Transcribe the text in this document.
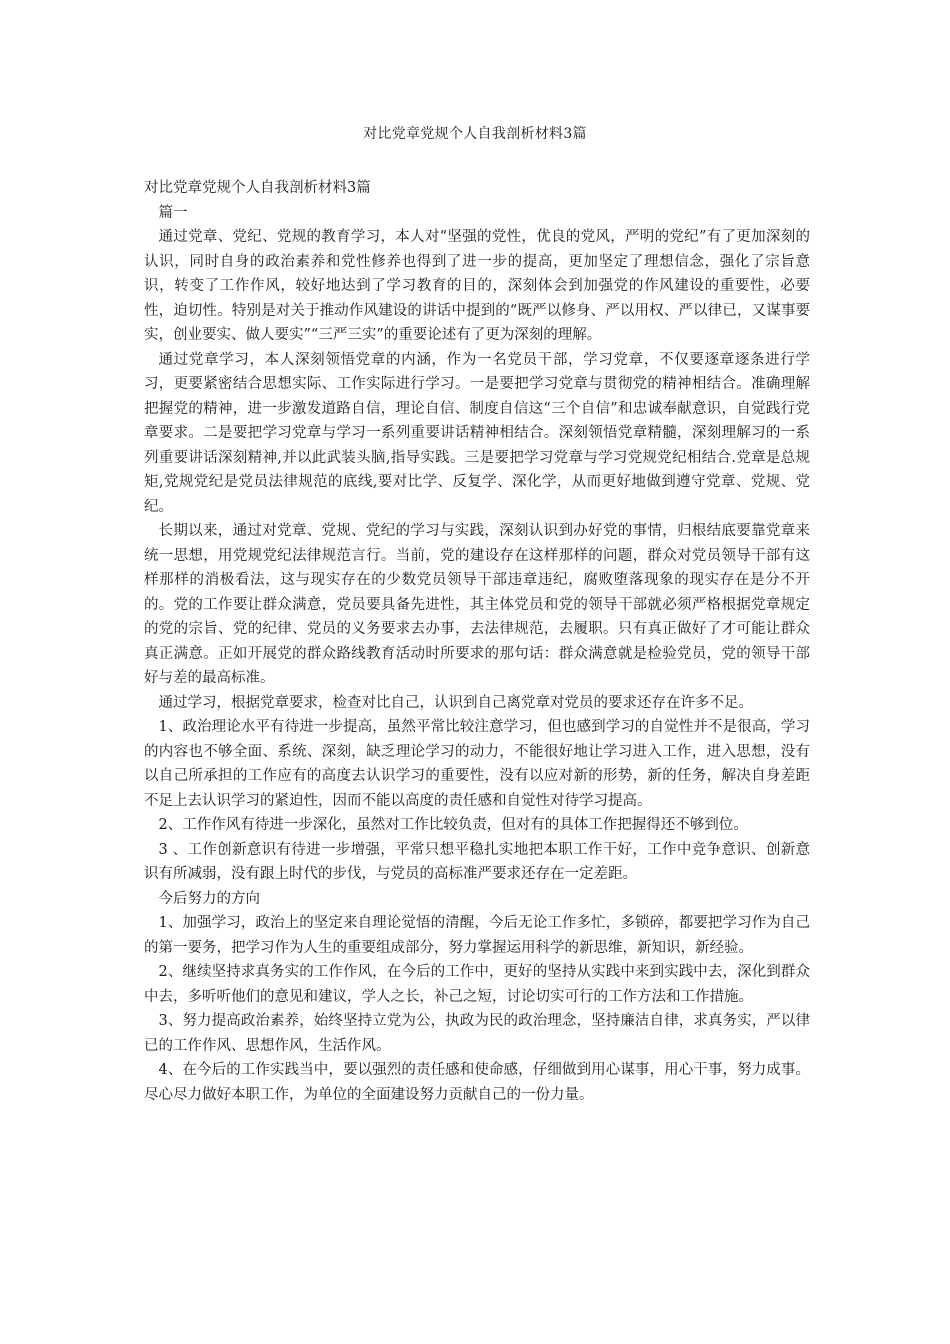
对比党章党规个人自我剖析材料3篇

对比党章党规个人自我剖析材料3篇

篇一

通过党章、党纪、党规的教育学习，本人对“坚强的党性，优良的党风，严明的党纪”有了更加深刻的认识，同时自身的政治素养和党性修养也得到了进一步的提高，更加坚定了理想信念，强化了宗旨意识，转变了工作作风，较好地达到了学习教育的目的，深刻体会到加强党的作风建设的重要性，必要性，迫切性。特别是对关于推动作风建设的讲话中提到的“既严以修身、严以用权、严以律已，又谋事要实，创业要实、做人要实”“三严三实”的重要论述有了更为深刻的理解。

通过党章学习，本人深刻领悟党章的内涵，作为一名党员干部，学习党章，不仅要逐章逐条进行学习，更要紧密结合思想实际、工作实际进行学习。一是要把学习党章与贯彻党的精神相结合。准确理解把握党的精神，进一步激发道路自信，理论自信、制度自信这“三个自信”和忠诚奉献意识，自觉践行党章要求。二是要把学习党章与学习一系列重要讲话精神相结合。深刻领悟党章精髓，深刻理解习的一系列重要讲话深刻精神,并以此武装头脑,指导实践。三是要把学习党章与学习党规党纪相结合.党章是总规矩,党规党纪是党员法律规范的底线,要对比学、反复学、深化学，从而更好地做到遵守党章、党规、党纪。

长期以来，通过对党章、党规、党纪的学习与实践，深刻认识到办好党的事情，归根结底要靠党章来统一思想，用党规党纪法律规范言行。当前，党的建设存在这样那样的问题，群众对党员领导干部有这样那样的消极看法，这与现实存在的少数党员领导干部违章违纪，腐败堕落现象的现实存在是分不开的。党的工作要让群众满意，党员要具备先进性，其主体党员和党的领导干部就必须严格根据党章规定的党的宗旨、党的纪律、党员的义务要求去办事，去法律规范，去履职。只有真正做好了才可能让群众真正满意。正如开展党的群众路线教育活动时所要求的那句话：群众满意就是检验党员，党的领导干部好与差的最高标准。

通过学习，根据党章要求，检查对比自己，认识到自己离党章对党员的要求还存在许多不足。

1、政治理论水平有待进一步提高，虽然平常比较注意学习，但也感到学习的自觉性并不是很高，学习的内容也不够全面、系统、深刻，缺乏理论学习的动力，不能很好地让学习进入工作，进入思想，没有以自己所承担的工作应有的高度去认识学习的重要性，没有以应对新的形势，新的任务，解决自身差距不足上去认识学习的紧迫性，因而不能以高度的责任感和自觉性对待学习提高。

2、工作作风有待进一步深化，虽然对工作比较负责，但对有的具体工作把握得还不够到位。

3 、工作创新意识有待进一步增强，平常只想平稳扎实地把本职工作干好，工作中竞争意识、创新意识有所减弱，没有跟上时代的步伐，与党员的高标准严要求还存在一定差距。

今后努力的方向

1、加强学习，政治上的坚定来自理论觉悟的清醒，今后无论工作多忙，多锁碎，都要把学习作为自己的第一要务，把学习作为人生的重要组成部分，努力掌握运用科学的新思维，新知识，新经验。

2、继续坚持求真务实的工作作风，在今后的工作中，更好的坚持从实践中来到实践中去，深化到群众中去，多听听他们的意见和建议，学人之长，补己之短，讨论切实可行的工作方法和工作措施。

3、努力提高政治素养，始终坚持立党为公，执政为民的政治理念，坚持廉洁自律，求真务实，严以律已的工作作风、思想作风，生活作风。

4、在今后的工作实践当中，要以强烈的责任感和使命感，仔细做到用心谋事，用心干事，努力成事。尽心尽力做好本职工作，为单位的全面建设努力贡献自己的一份力量。
